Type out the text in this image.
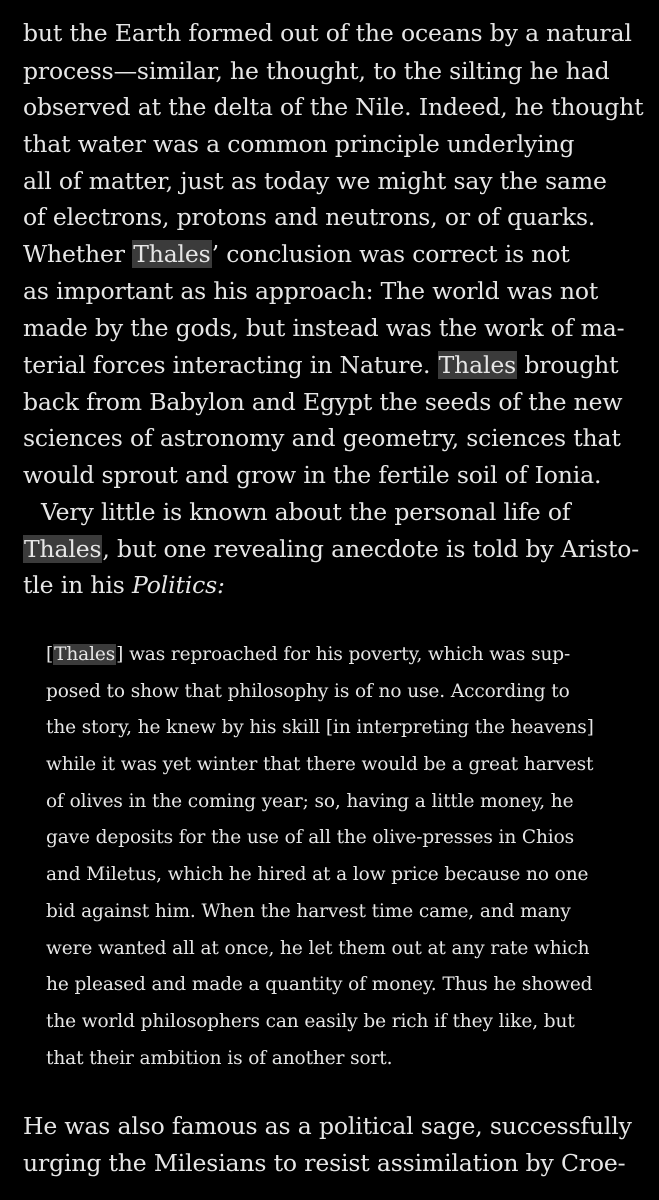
but the Earth formed out of the oceans by a natural
process—similar, he thought, to the silting he had
observed at the delta of the Nile. Indeed, he thought
that water was a common principle underlying
all of matter, just as today we might say the same
of electrons, protons and neutrons, or of quarks.
Whether Thales’ conclusion was correct is not
as important as his approach: The world was not
made by the gods, but instead was the work of ma-
terial forces interacting in Nature. Thales brought
back from Babylon and Egypt the seeds of the new
sciences of astronomy and geometry, sciences that
would sprout and grow in the fertile soil of Ionia.
Very little is known about the personal life of
Thales, but one revealing anecdote is told by Aristo-
tle in his Politics:
[Thales] was reproached for his poverty, which was sup-
posed to show that philosophy is of no use. According to
the story, he knew by his skill [in interpreting the heavens]
while it was yet winter that there would be a great harvest
of olives in the coming year; so, having a little money, he
gave deposits for the use of all the olive-presses in Chios
and Miletus, which he hired at a low price because no one
bid against him. When the harvest time came, and many
were wanted all at once, he let them out at any rate which
he pleased and made a quantity of money. Thus he showed
the world philosophers can easily be rich if they like, but
that their ambition is of another sort.
He was also famous as a political sage, successfully
urging the Milesians to resist assimilation by Croe-
